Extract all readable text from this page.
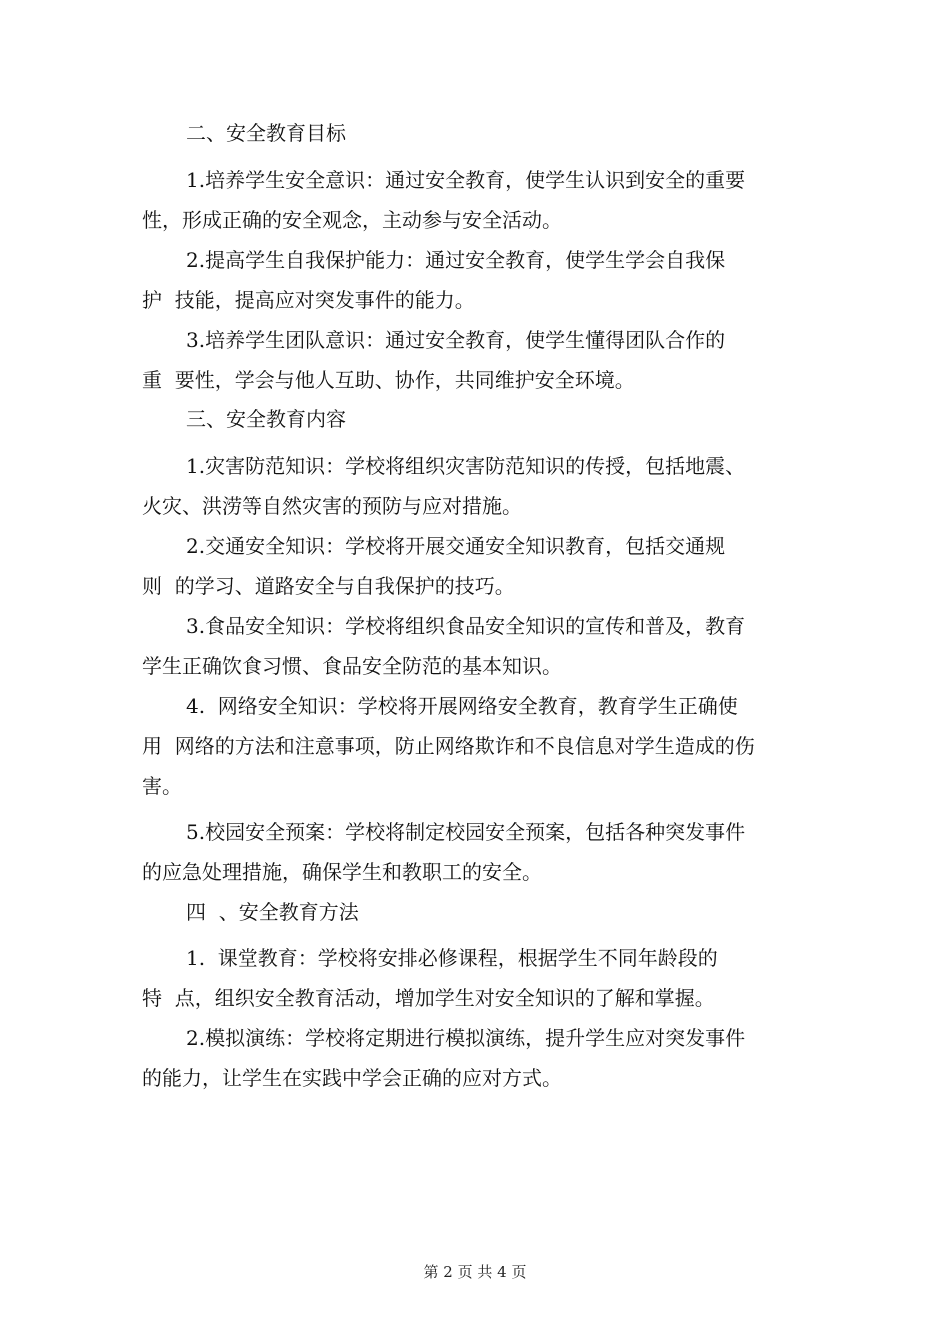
二、安全教育目标
1.培养学生安全意识：通过安全教育，使学生认识到安全的重要
性，形成正确的安全观念，主动参与安全活动。
2.提高学生自我保护能力：通过安全教育，使学生学会自我保
护  技能，提高应对突发事件的能力。
3.培养学生团队意识：通过安全教育，使学生懂得团队合作的
重  要性，学会与他人互助、协作，共同维护安全环境。
三、安全教育内容
1.灾害防范知识：学校将组织灾害防范知识的传授，包括地震、
火灾、洪涝等自然灾害的预防与应对措施。
2.交通安全知识：学校将开展交通安全知识教育，包括交通规
则  的学习、道路安全与自我保护的技巧。
3.食品安全知识：学校将组织食品安全知识的宣传和普及，教育
学生正确饮食习惯、食品安全防范的基本知识。
4.  网络安全知识：学校将开展网络安全教育，教育学生正确使
用  网络的方法和注意事项，防止网络欺诈和不良信息对学生造成的伤
害。
5.校园安全预案：学校将制定校园安全预案，包括各种突发事件
的应急处理措施，确保学生和教职工的安全。
四  、安全教育方法
1.  课堂教育：学校将安排必修课程，根据学生不同年龄段的
特  点，组织安全教育活动，增加学生对安全知识的了解和掌握。
2.模拟演练：学校将定期进行模拟演练，提升学生应对突发事件
的能力，让学生在实践中学会正确的应对方式。
第 2 页 共 4 页
